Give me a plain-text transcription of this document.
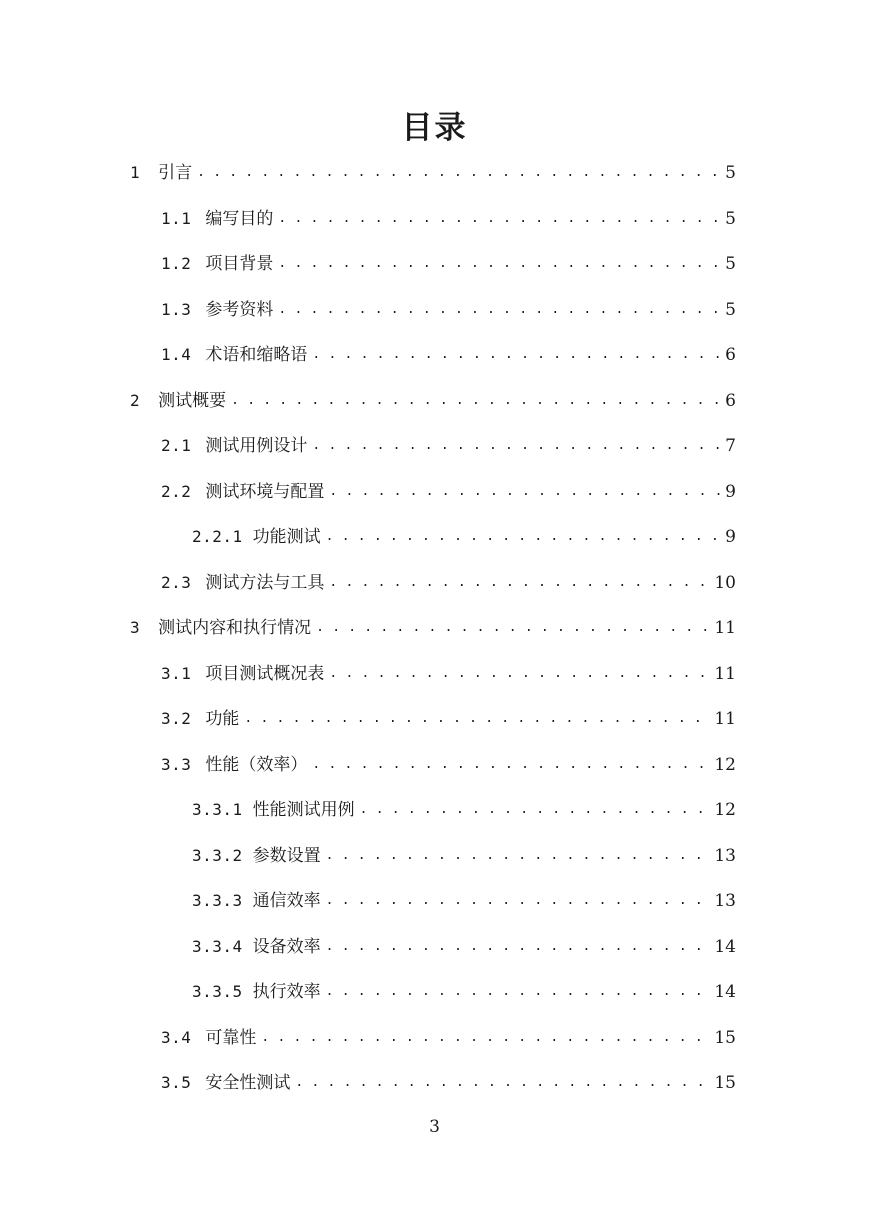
目录
1 引言 . . .	5
1.1 编写目的 . . .	5
1.2 项目背景 . . .	5
1.3 参考资料 . . .	5
1.4 术语和缩略语 . . .	6
2 测试概要 . . .	6
2.1 测试用例设计 . . .	7
2.2 测试环境与配置 . . .	9
2.2.1 功能测试 . . .	9
2.3 测试方法与工具 . . .	10
3 测试内容和执行情况 . . .	11
3.1 项目测试概况表 . . .	11
3.2 功能 . . .	11
3.3 性能（效率） . . .	12
3.3.1 性能测试用例 . . .	12
3.3.2 参数设置 . . .	13
3.3.3 通信效率 . . .	13
3.3.4 设备效率 . . .	14
3.3.5 执行效率 . . .	14
3.4 可靠性 . . .	15
3.5 安全性测试 . . .	15
3
